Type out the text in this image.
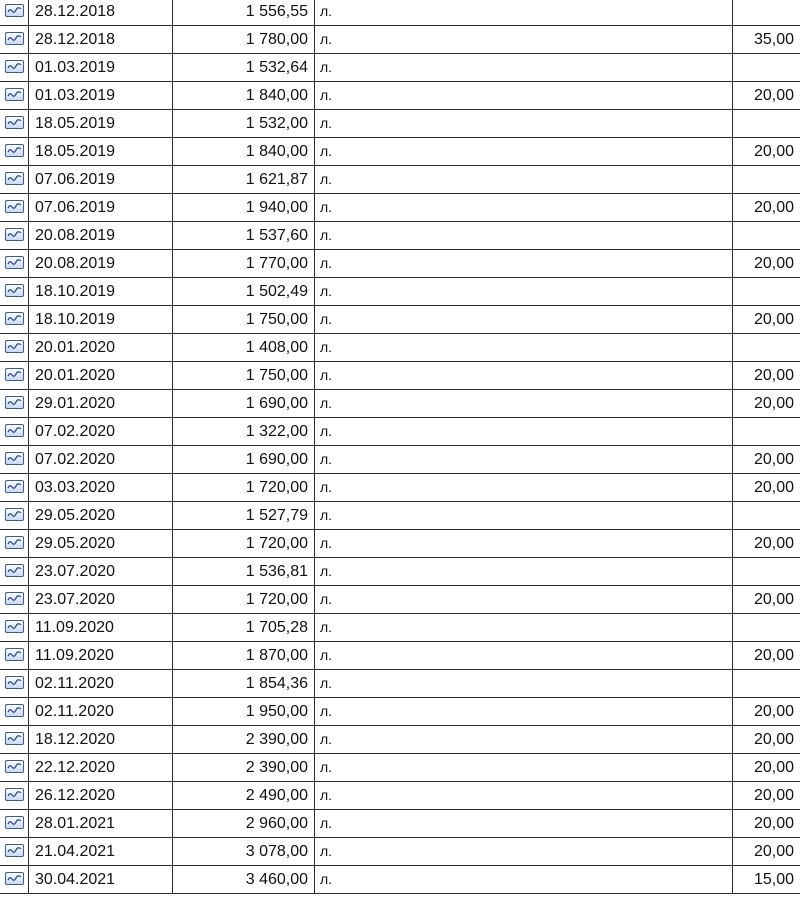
28.12.2018	1 556,55 л.
28.12.2018	1 780,00 л.	35,00
01.03.2019	1 532,64 л.
01.03.2019	1 840,00 л.	20,00
18.05.2019	1 532,00 л.
18.05.2019	1 840,00 л.	20,00
07.06.2019	1 621,87 л.
07.06.2019	1 940,00 л.	20,00
20.08.2019	1 537,60 л.
20.08.2019	1 770,00 л.	20,00
18.10.2019	1 502,49 л.
18.10.2019	1 750,00 л.	20,00
20.01.2020	1 408,00 л.
20.01.2020	1 750,00 л.	20,00
29.01.2020	1 690,00 л.	20,00
07.02.2020	1 322,00 л.
07.02.2020	1 690,00 л.	20,00
03.03.2020	1 720,00 л.	20,00
29.05.2020	1 527,79 л.
29.05.2020	1 720,00 л.	20,00
23.07.2020	1 536,81 л.
23.07.2020	1 720,00 л.	20,00
11.09.2020	1 705,28 л.
11.09.2020	1 870,00 л.	20,00
02.11.2020	1 854,36 л.
02.11.2020	1 950,00 л.	20,00
18.12.2020	2 390,00 л.	20,00
22.12.2020	2 390,00 л.	20,00
26.12.2020	2 490,00 л.	20,00
28.01.2021	2 960,00 л.	20,00
21.04.2021	3 078,00 л.	20,00
30.04.2021	3 460,00 л.	15,00
